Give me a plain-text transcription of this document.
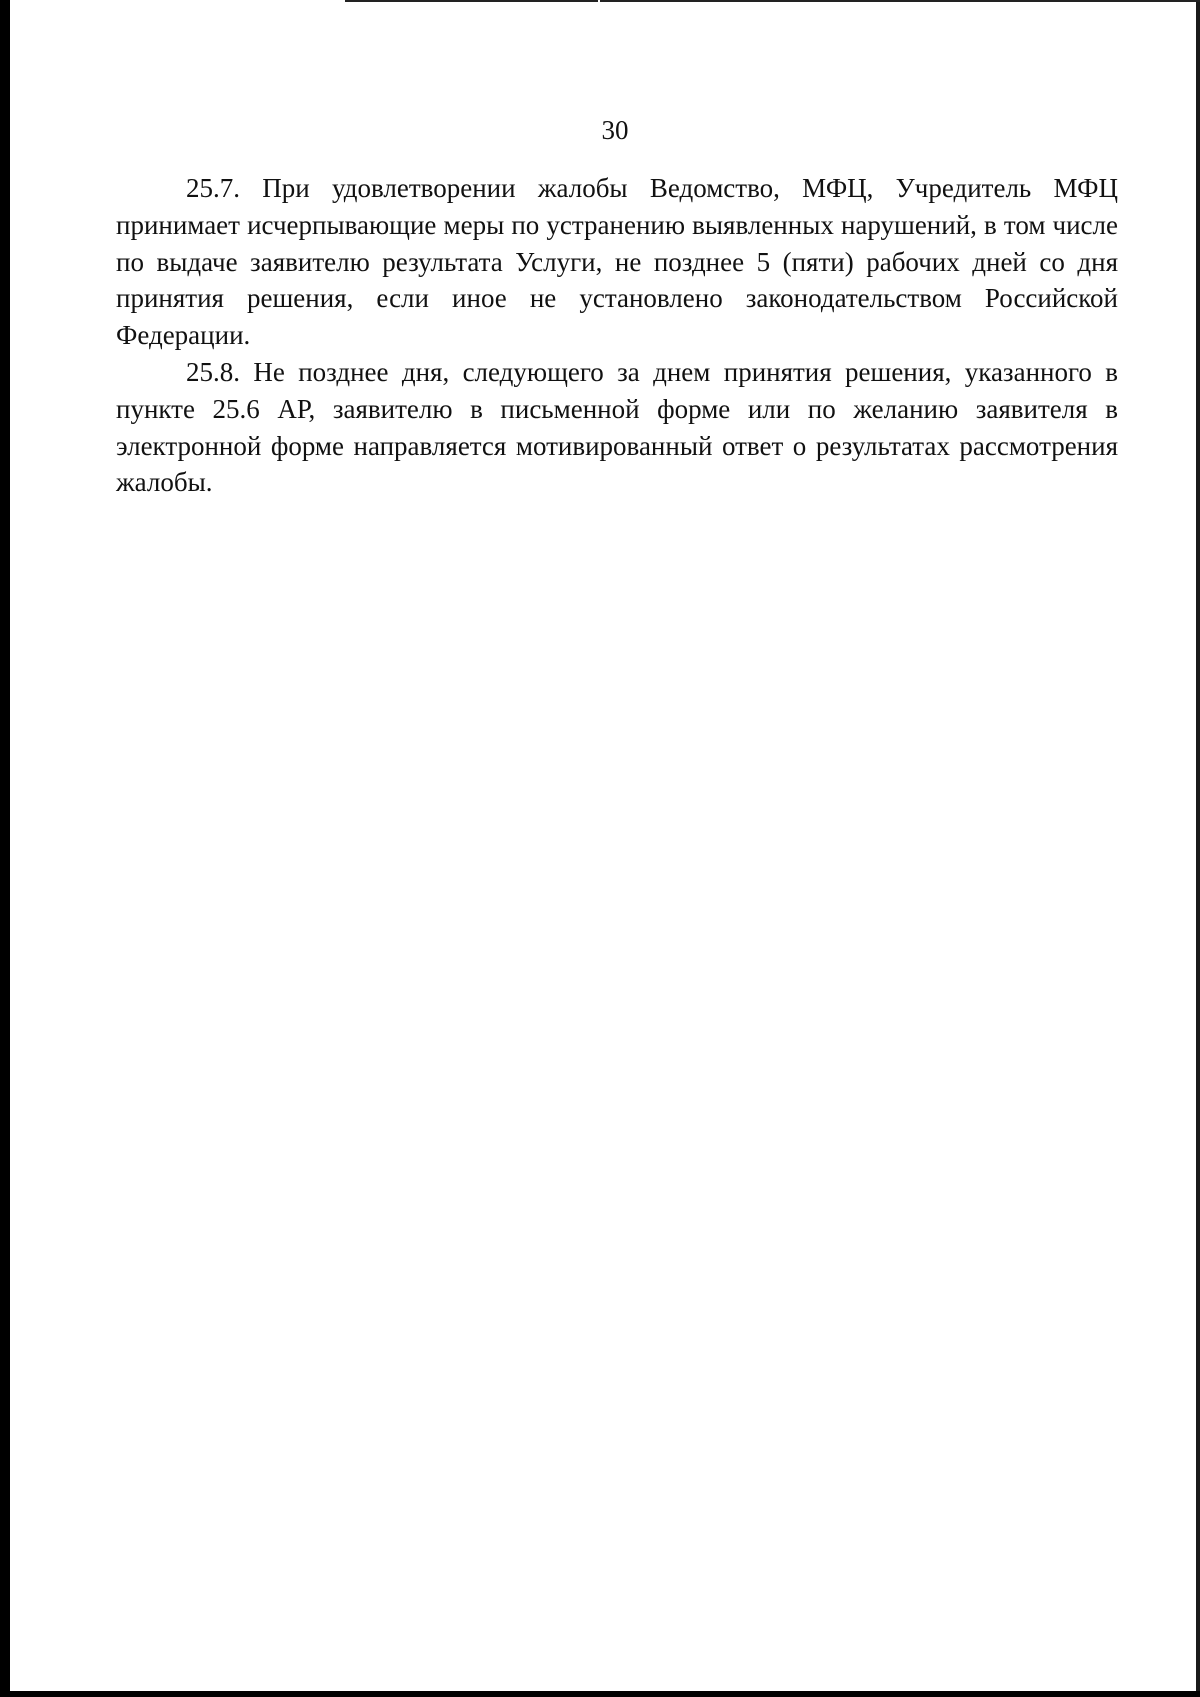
30

25.7. При удовлетворении жалобы Ведомство, МФЦ, Учредитель МФЦ принимает исчерпывающие меры по устранению выявленных нарушений, в том числе по выдаче заявителю результата Услуги, не позднее 5 (пяти) рабочих дней со дня принятия решения, если иное не установлено законодательством Российской Федерации.

25.8. Не позднее дня, следующего за днем принятия решения, указанного в пункте 25.6 АР, заявителю в письменной форме или по желанию заявителя в электронной форме направляется мотивированный ответ о результатах рассмотрения жалобы.
